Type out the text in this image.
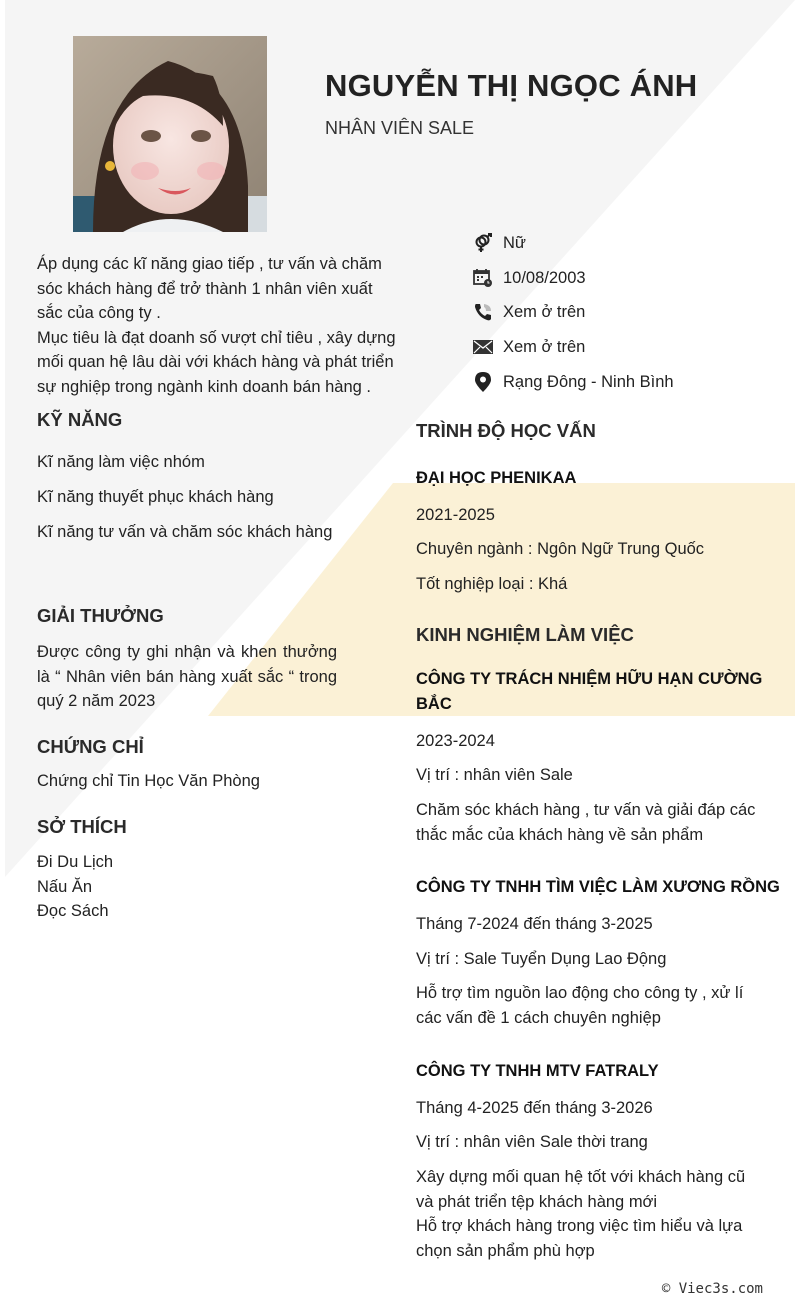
NGUYỄN THỊ NGỌC ÁNH
NHÂN VIÊN SALE
Nữ
10/08/2003
Xem ở trên
Xem ở trên
Rạng Đông - Ninh Bình
Áp dụng các kĩ năng giao tiếp , tư vấn và chăm
sóc khách hàng để trở thành 1 nhân viên xuất
sắc của công ty .
Mục tiêu là đạt doanh số vượt chỉ tiêu , xây dựng
mối quan hệ lâu dài với khách hàng và phát triển
sự nghiệp trong ngành kinh doanh bán hàng .
KỸ NĂNG
Kĩ năng làm việc nhóm
Kĩ năng thuyết phục khách hàng
Kĩ năng tư vấn và chăm sóc khách hàng
GIẢI THƯỞNG
Được công ty ghi nhận và khen thưởng là “ Nhân viên bán hàng xuất sắc “ trong quý 2 năm 2023
CHỨNG CHỈ
Chứng chỉ Tin Học Văn Phòng
SỞ THÍCH
Đi Du Lịch
Nấu Ăn
Đọc Sách
TRÌNH ĐỘ HỌC VẤN
ĐẠI HỌC PHENIKAA
2021-2025
Chuyên ngành : Ngôn Ngữ Trung Quốc
Tốt nghiệp loại : Khá
KINH NGHIỆM LÀM VIỆC
CÔNG TY TRÁCH NHIỆM HỮU HẠN CƯỜNG BẮC
2023-2024
Vị trí : nhân viên Sale
Chăm sóc khách hàng , tư vấn và giải đáp các thắc mắc của khách hàng về sản phẩm
CÔNG TY TNHH TÌM VIỆC LÀM XƯƠNG RỒNG
Tháng 7-2024 đến tháng 3-2025
Vị trí : Sale Tuyển Dụng Lao Động
Hỗ trợ tìm nguồn lao động cho công ty , xử lí các vấn đề 1 cách chuyên nghiệp
CÔNG TY TNHH MTV FATRALY
Tháng 4-2025 đến tháng 3-2026
Vị trí : nhân viên Sale thời trang
Xây dựng mối quan hệ tốt với khách hàng cũ và phát triển tệp khách hàng mới
Hỗ trợ khách hàng trong việc tìm hiểu và lựa chọn sản phẩm phù hợp
© Viec3s.com
